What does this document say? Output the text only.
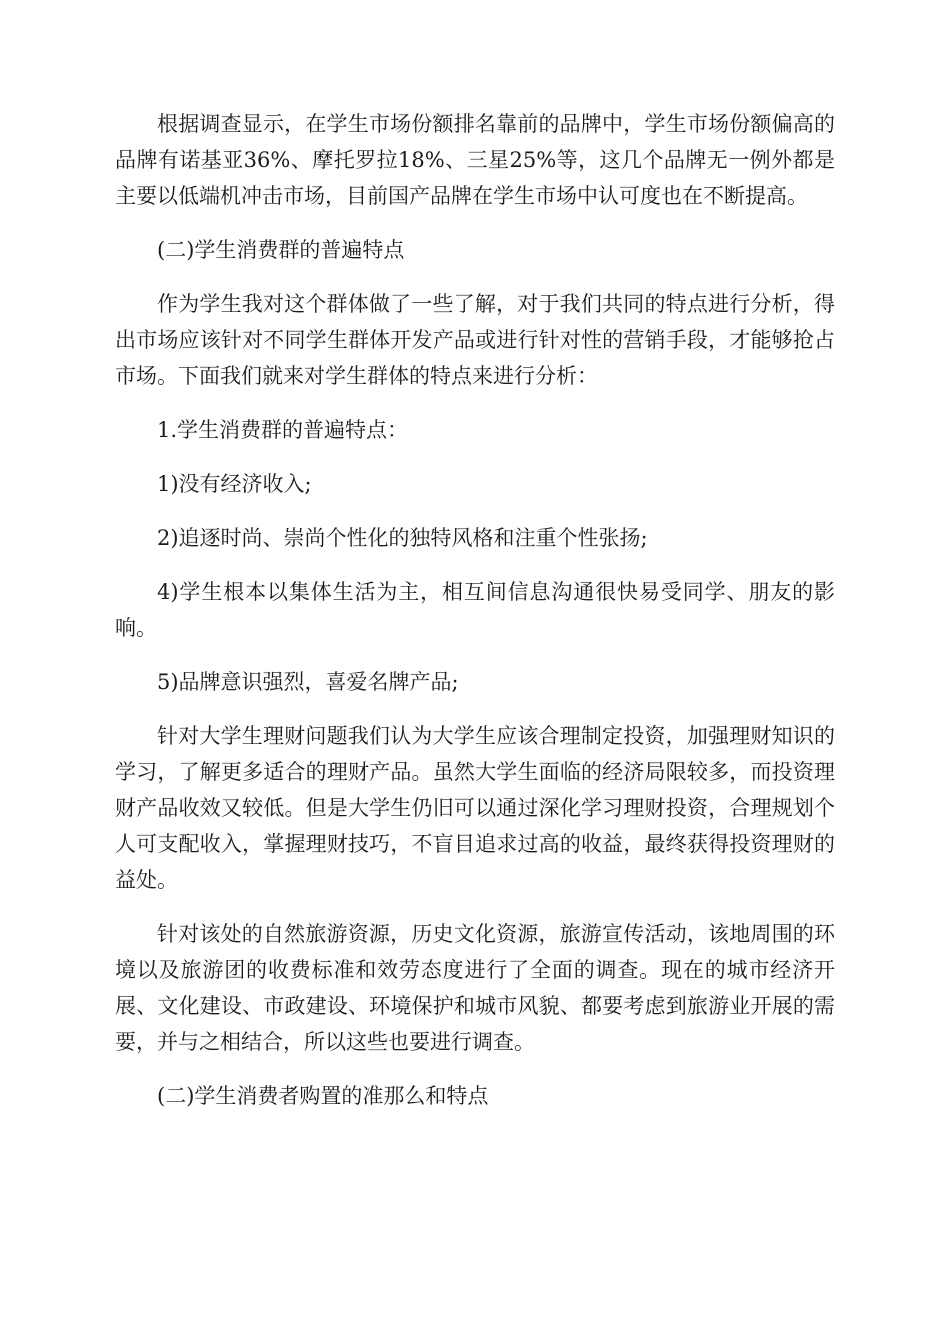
根据调查显示，在学生市场份额排名靠前的品牌中，学生市场份额偏高的品牌有诺基亚36%、摩托罗拉18%、三星25%等，这几个品牌无一例外都是主要以低端机冲击市场，目前国产品牌在学生市场中认可度也在不断提高。

(二)学生消费群的普遍特点

作为学生我对这个群体做了一些了解，对于我们共同的特点进行分析，得出市场应该针对不同学生群体开发产品或进行针对性的营销手段，才能够抢占市场。下面我们就来对学生群体的特点来进行分析：

1.学生消费群的普遍特点：

1)没有经济收入;

2)追逐时尚、崇尚个性化的独特风格和注重个性张扬;

4)学生根本以集体生活为主，相互间信息沟通很快易受同学、朋友的影响。

5)品牌意识强烈，喜爱名牌产品;

针对大学生理财问题我们认为大学生应该合理制定投资，加强理财知识的学习，了解更多适合的理财产品。虽然大学生面临的经济局限较多，而投资理财产品收效又较低。但是大学生仍旧可以通过深化学习理财投资，合理规划个人可支配收入，掌握理财技巧，不盲目追求过高的收益，最终获得投资理财的益处。

针对该处的自然旅游资源，历史文化资源，旅游宣传活动，该地周围的环境以及旅游团的收费标准和效劳态度进行了全面的调查。现在的城市经济开展、文化建设、市政建设、环境保护和城市风貌、都要考虑到旅游业开展的需要，并与之相结合，所以这些也要进行调查。

(二)学生消费者购置的准那么和特点
